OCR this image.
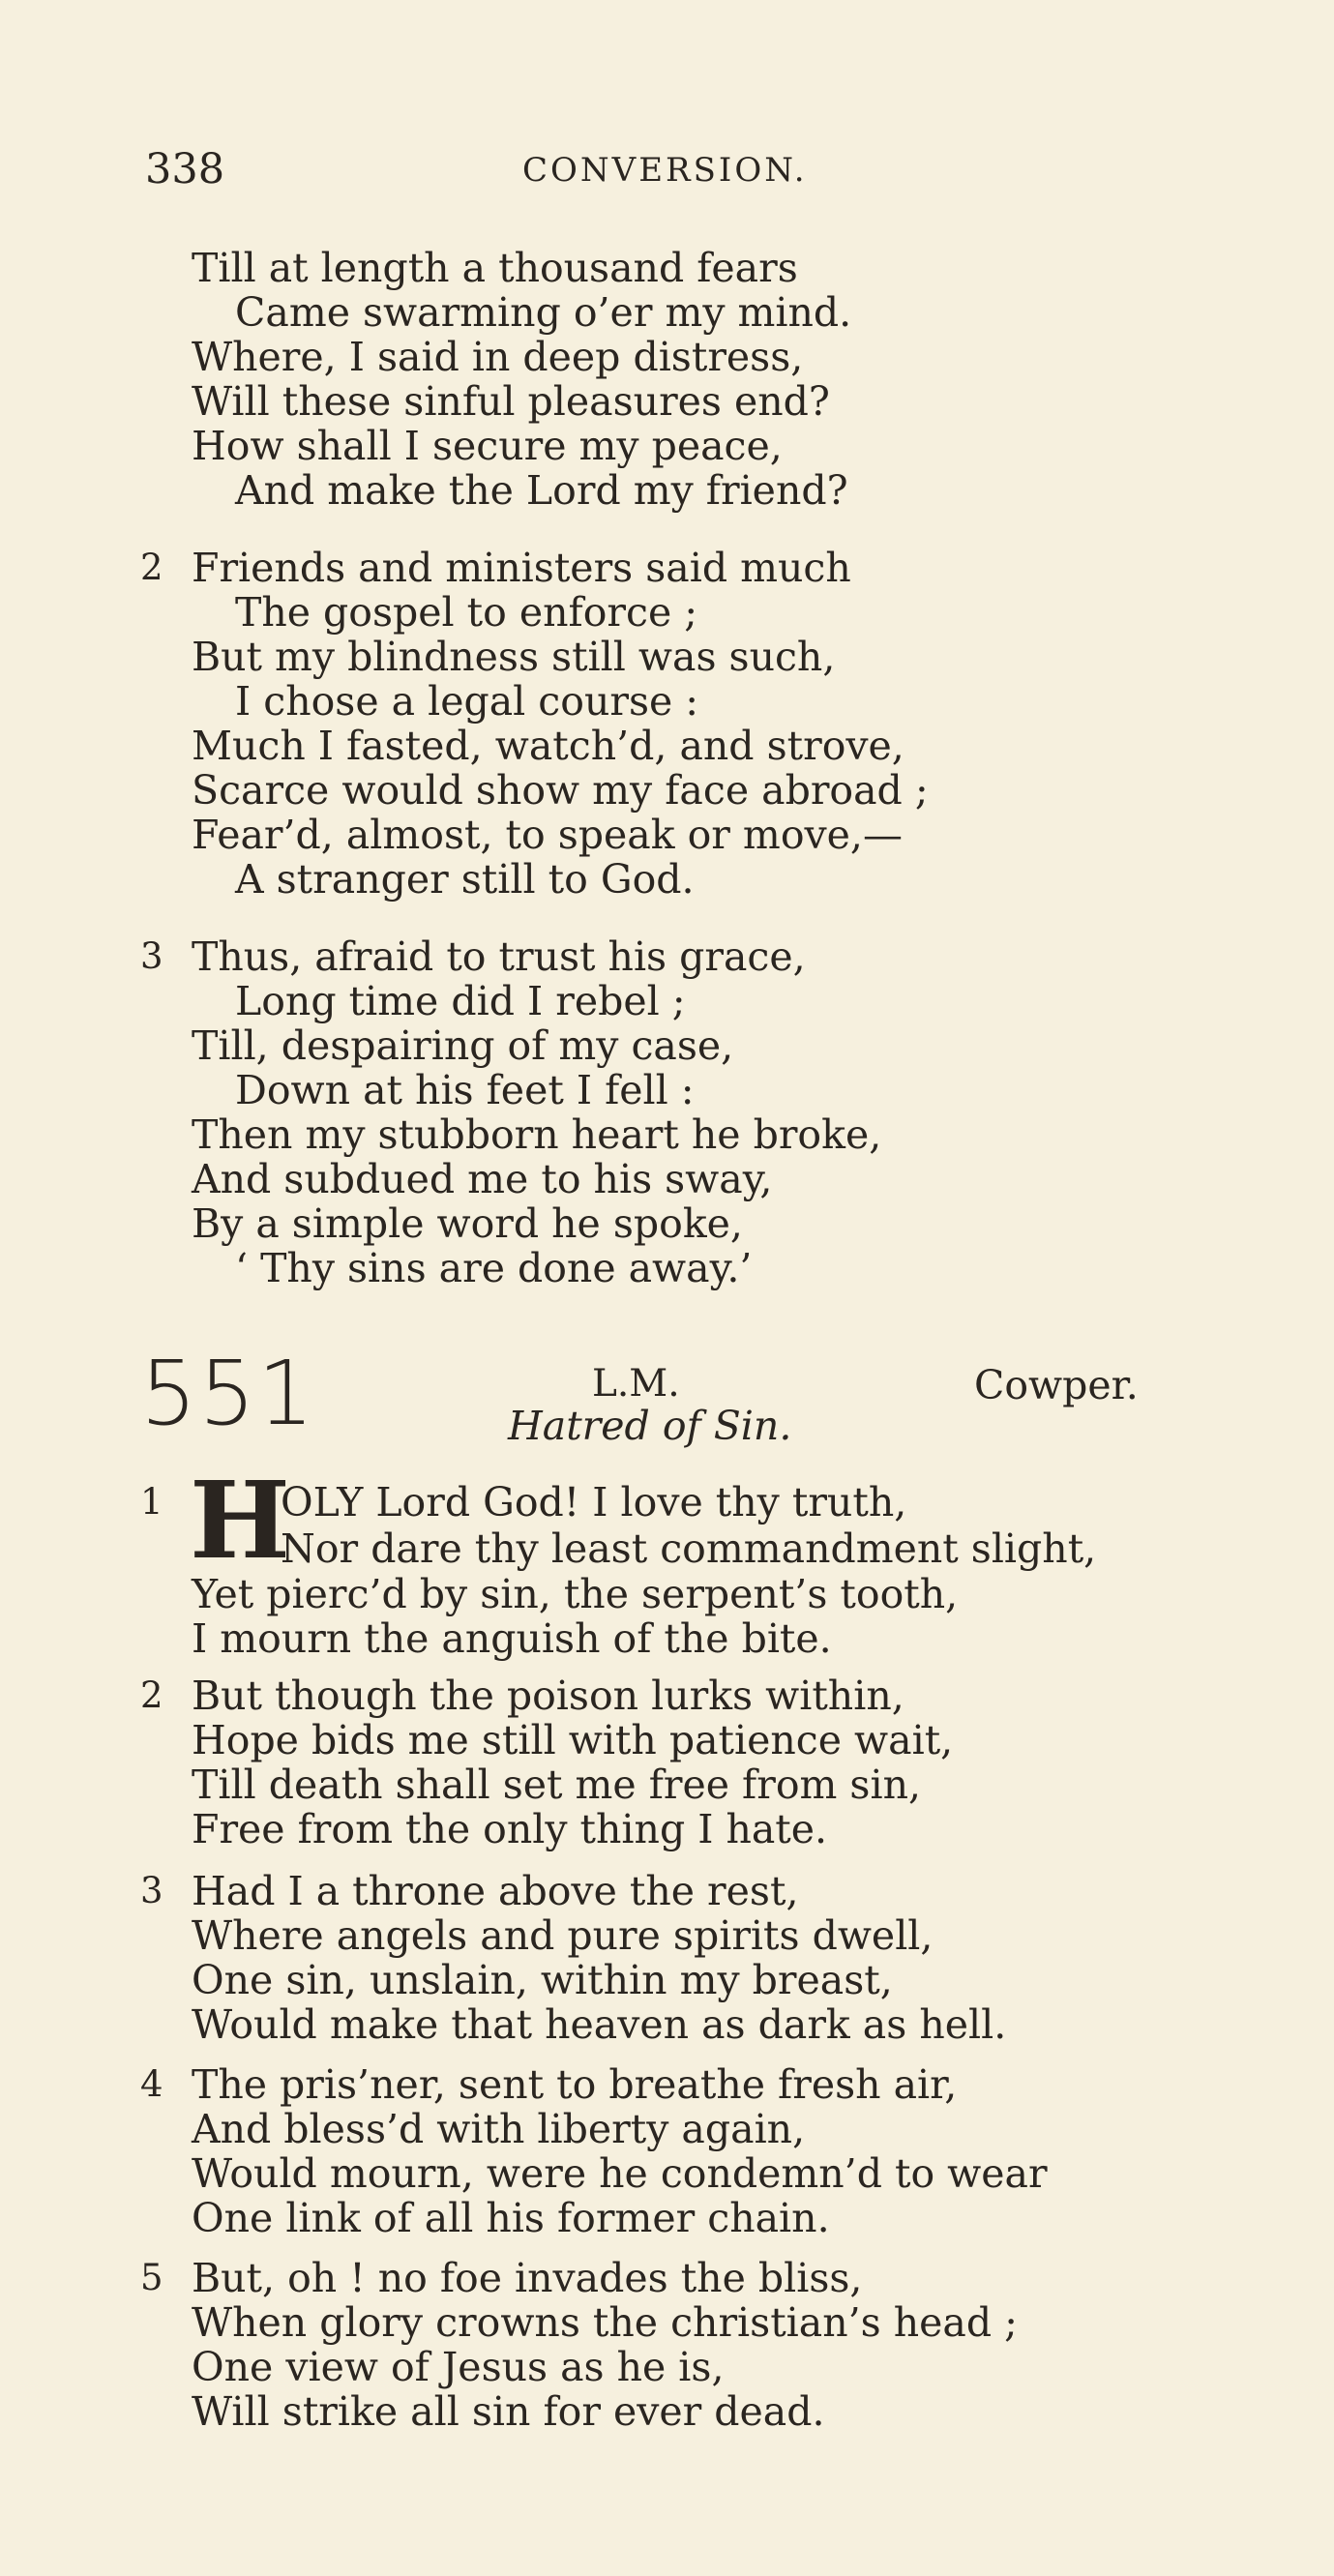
338	CONVERSION.
Till at length a thousand fears
Came swarming o’er my mind.
Where, I said in deep distress,
Will these sinful pleasures end?
How shall I secure my peace,
And make the Lord my friend?
2 Friends and ministers said much
The gospel to enforce ;
But my blindness still was such,
I chose a legal course :
Much I fasted, watch’d, and strove,
Scarce would show my face abroad ;
Fear’d, almost, to speak or move,—
A stranger still to God.
3 Thus, afraid to trust his grace,
Long time did I rebel ;
Till, despairing of my case,
Down at his feet I fell :
Then my stubborn heart he broke,
And subdued me to his sway,
By a simple word he spoke,
‘ Thy sins are done away.’
551	L.M.	Cowper.
Hatred of Sin.
1 H
OLY Lord God! I love thy truth,
Nor dare thy least commandment slight,
Yet pierc’d by sin, the serpent’s tooth,
I mourn the anguish of the bite.
2 But though the poison lurks within,
Hope bids me still with patience wait,
Till death shall set me free from sin,
Free from the only thing I hate.
3 Had I a throne above the rest,
Where angels and pure spirits dwell,
One sin, unslain, within my breast,
Would make that heaven as dark as hell.
4 The pris’ner, sent to breathe fresh air,
And bless’d with liberty again,
Would mourn, were he condemn’d to wear
One link of all his former chain.
5 But, oh ! no foe invades the bliss,
When glory crowns the christian’s head ;
One view of Jesus as he is,
Will strike all sin for ever dead.
